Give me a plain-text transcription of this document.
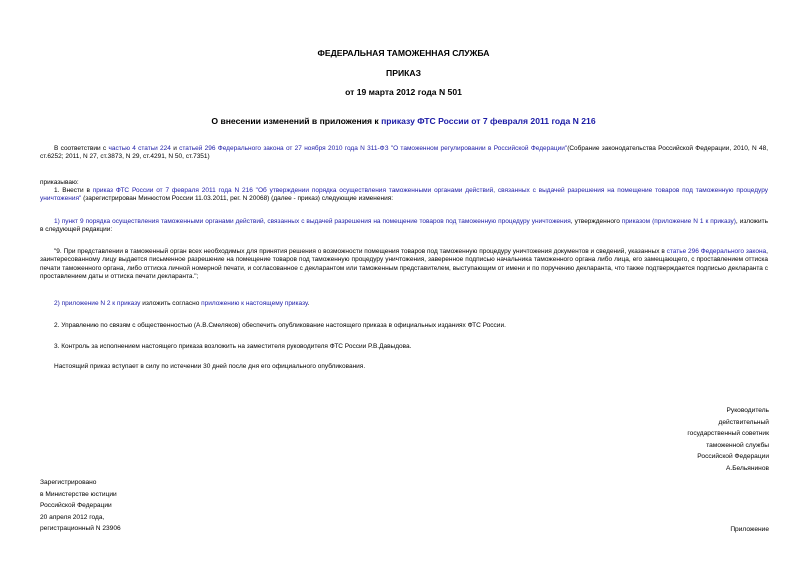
ФЕДЕРАЛЬНАЯ ТАМОЖЕННАЯ СЛУЖБА
ПРИКАЗ
от 19 марта 2012 года N 501
О внесении изменений в приложения к приказу ФТС России от 7 февраля 2011 года N 216
В соответствии с частью 4 статьи 224 и статьей 296 Федерального закона от 27 ноября 2010 года N 311-ФЗ "О таможенном регулировании в Российской Федерации"(Собрание законодательства Российской Федерации, 2010, N 48, ст.6252; 2011, N 27, ст.3873, N 29, ст.4291, N 50, ст.7351)
приказываю:
1. Внести в приказ ФТС России от 7 февраля 2011 года N 216 "Об утверждении порядка осуществления таможенными органами действий, связанных с выдачей разрешения на помещение товаров под таможенную процедуру уничтожения" (зарегистрирован Минюстом России 11.03.2011, рег. N 20068) (далее - приказ) следующие изменения:
1) пункт 9 порядка осуществления таможенными органами действий, связанных с выдачей разрешения на помещение товаров под таможенную процедуру уничтожения, утвержденного приказом (приложение N 1 к приказу), изложить в следующей редакции:
"9. При представлении в таможенный орган всех необходимых для принятия решения о возможности помещения товаров под таможенную процедуру уничтожения документов и сведений, указанных в статье 296 Федерального закона, заинтересованному лицу выдается письменное разрешение на помещение товаров под таможенную процедуру уничтожения, заверенное подписью начальника таможенного органа либо лица, его замещающего, с проставлением оттиска печати таможенного органа, либо оттиска личной номерной печати, и согласованное с декларантом или таможенным представителем, выступающим от имени и по поручению декларанта, что также подтверждается подписью декларанта с проставлением даты и оттиска печати декларанта.";
2) приложение N 2 к приказу изложить согласно приложению к настоящему приказу.
2. Управлению по связям с общественностью (А.В.Смеляков) обеспечить опубликование настоящего приказа в официальных изданиях ФТС России.
3. Контроль за исполнением настоящего приказа возложить на заместителя руководителя ФТС России Р.В.Давыдова.
Настоящий приказ вступает в силу по истечении 30 дней после дня его официального опубликования.
Руководитель
действительный
государственный советник
таможенной службы
Российской Федерации
А.Бельянинов
Зарегистрировано
в Министерстве юстиции
Российской Федерации
20 апреля 2012 года,
регистрационный N 23906	Приложение
